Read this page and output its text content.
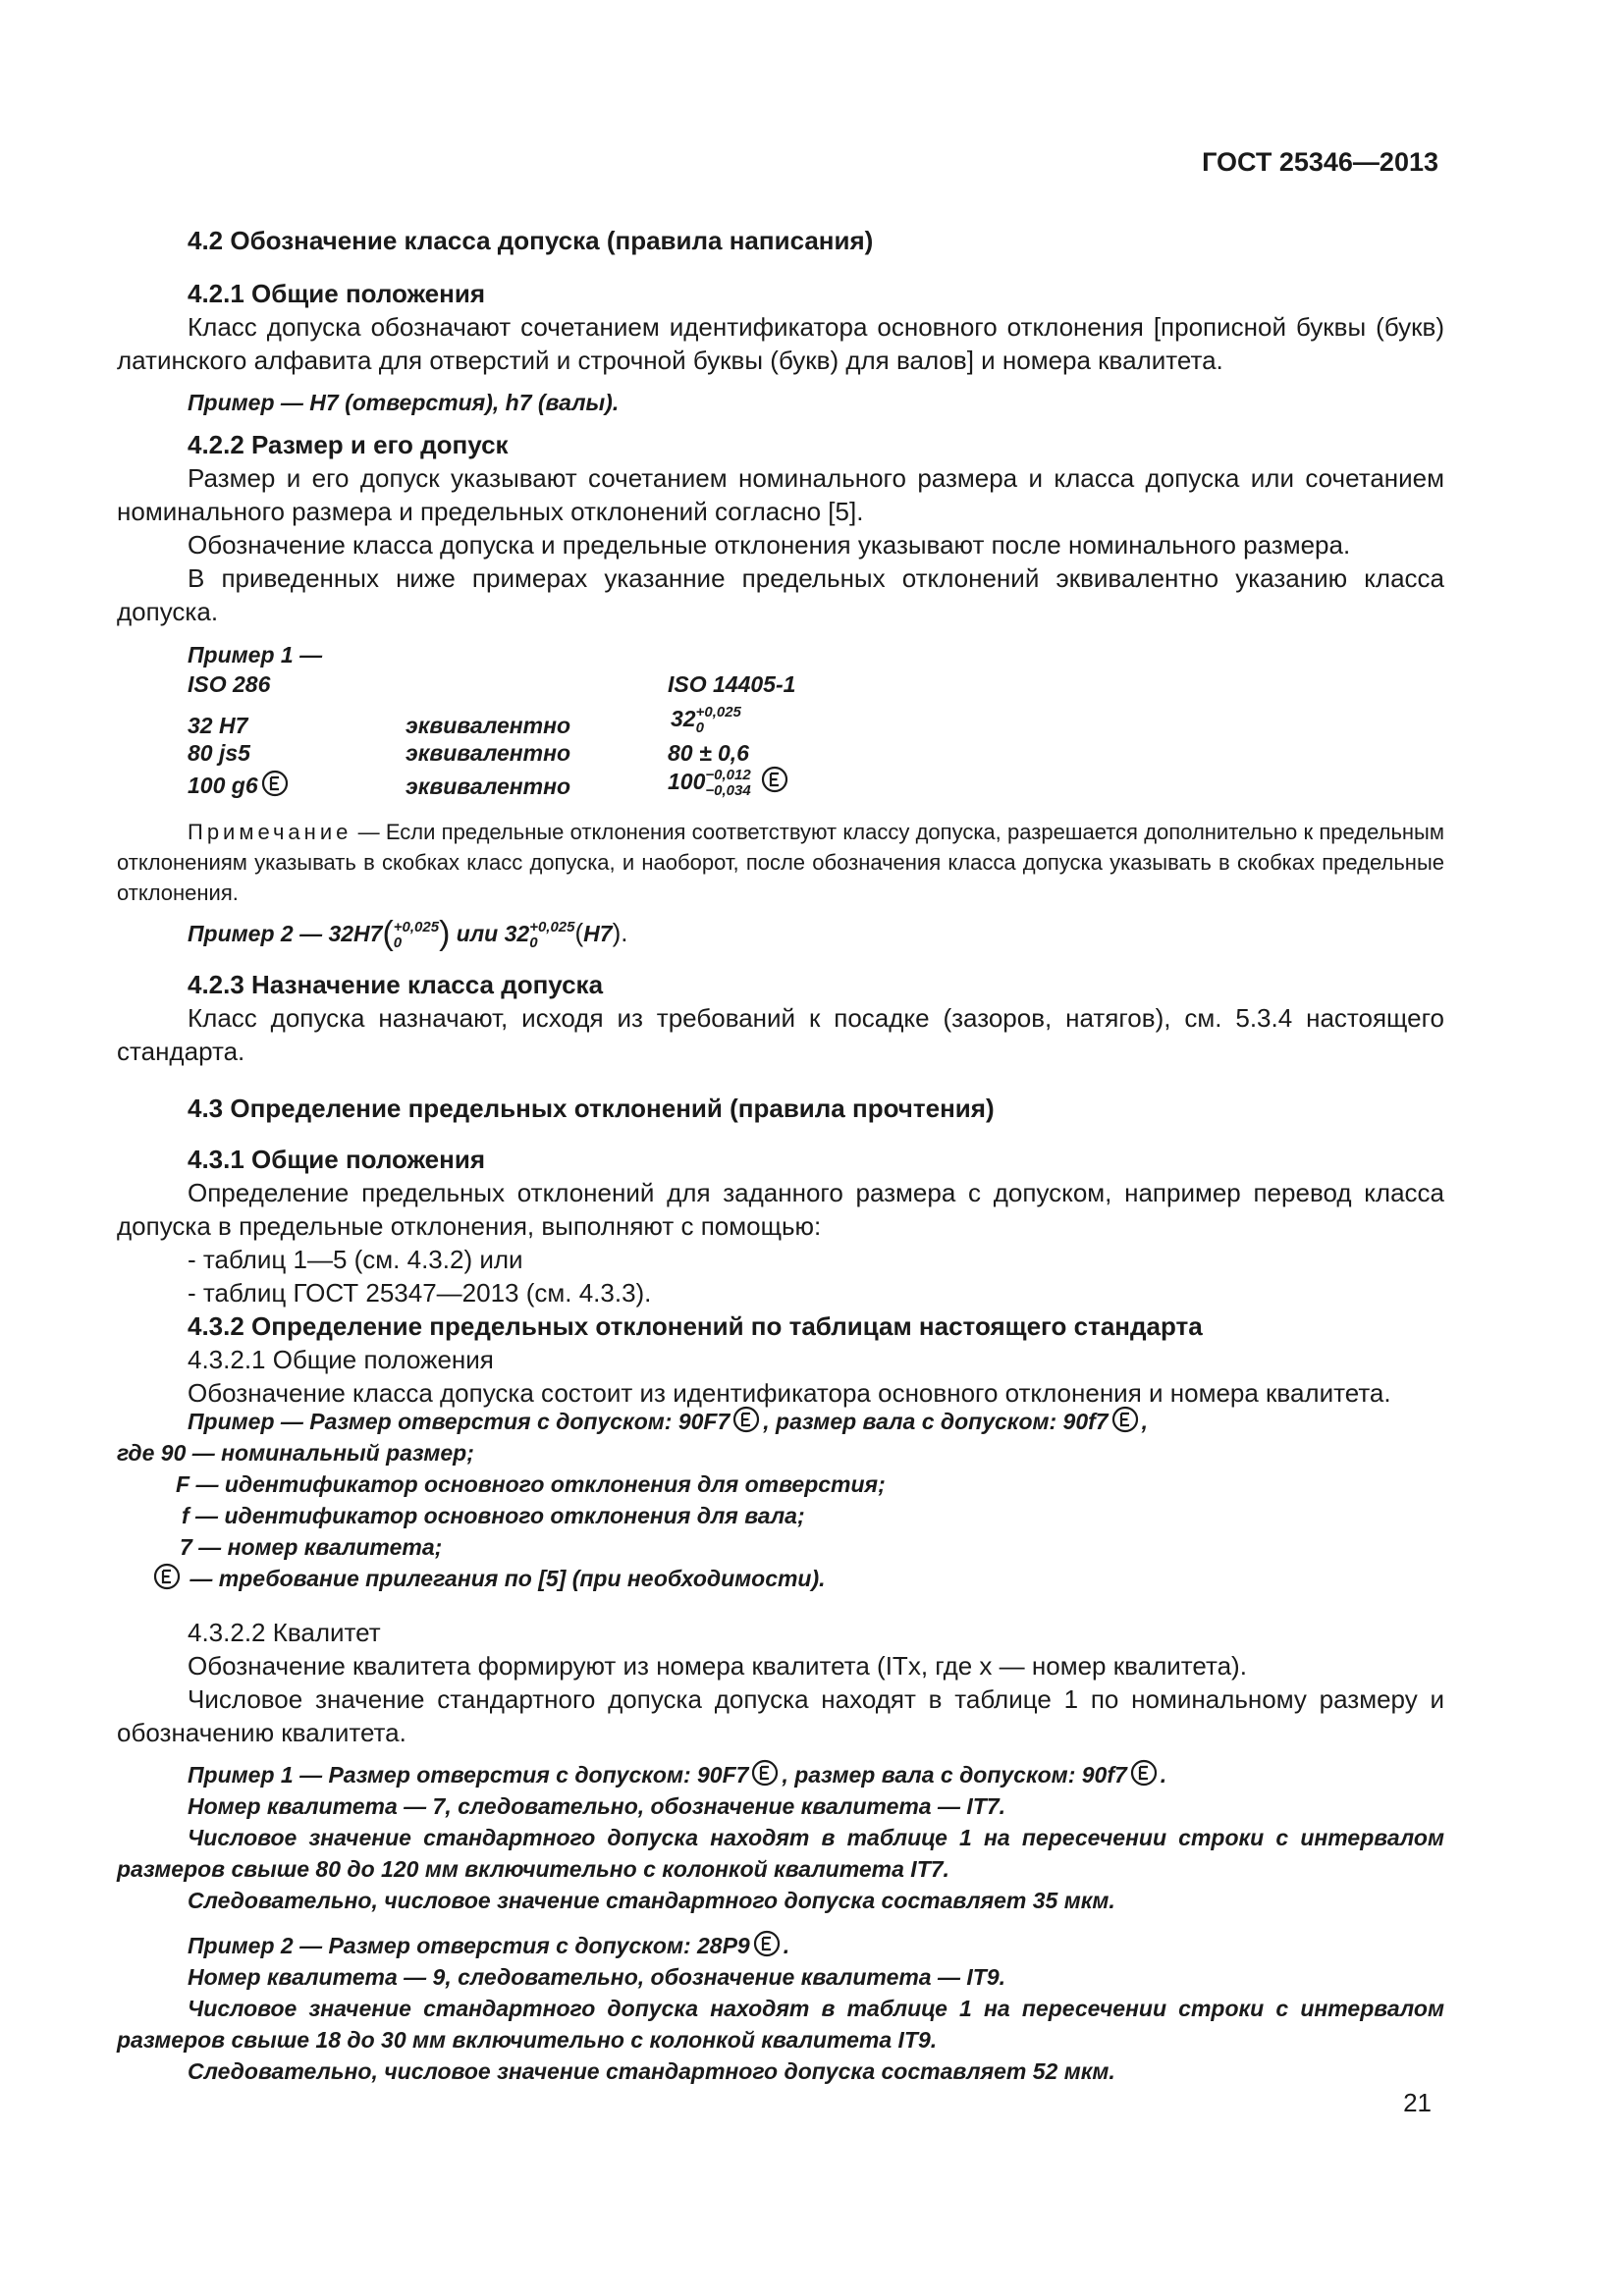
ГОСТ 25346—2013
4.2 Обозначение класса допуска (правила написания)
4.2.1 Общие положения

Класс допуска обозначают сочетанием идентификатора основного отклонения [прописной буквы (букв) латинского алфавита для отверстий и строчной буквы (букв) для валов] и номера квалитета.

Пример — H7 (отверстия), h7 (валы).

4.2.2 Размер и его допуск

Размер и его допуск указывают сочетанием номинального размера и класса допуска или сочетанием номинального размера и предельных отклонений согласно [5].

Обозначение класса допуска и предельные отклонения указывают после номинального размера.

В приведенных ниже примерах указанние предельных отклонений эквивалентно указанию класса допуска.

Пример 1 —
ISO 286	ISO 14405-1
32 H7	эквивалентно	32 +0,025
0
80 js5	эквивалентно	80 ± 0,6
100 g6	эквивалентно	100 −0,012
−0,034

Примечание — Если предельные отклонения соответствуют классу допуска, разрешается дополнительно к предельным отклонениям указывать в скобках класс допуска, и наоборот, после обозначения класса допуска указывать в скобках предельные отклонения.

Пример 2 — 32H7( +0,025
0	) или 32 +0,025
0	(H7).
4.2.3 Назначение класса допуска

Класс допуска назначают, исходя из требований к посадке (зазоров, натягов), см. 5.3.4 настоящего стандарта.

4.3 Определение предельных отклонений (правила прочтения)
4.3.1 Общие положения

Определение предельных отклонений для заданного размера с допуском, например перевод класса допуска в предельные отклонения, выполняют с помощью:

- таблиц 1—5 (см. 4.3.2) или

- таблиц ГОСТ 25347—2013 (см. 4.3.3).

4.3.2 Определение предельных отклонений по таблицам настоящего стандарта

4.3.2.1 Общие положения

Обозначение класса допуска состоит из идентификатора основного отклонения и номера квалитета.

Пример — Размер отверстия с допуском: 90F7 , размер вала с допуском: 90f7 ,
где 90 — номинальный размер;
F — идентификатор основного отклонения для отверстия;
f — идентификатор основного отклонения для вала;
7 — номер квалитета;
— требование прилегания по [5] (при необходимости).

4.3.2.2 Квалитет

Обозначение квалитета формируют из номера квалитета (ITx, где x — номер квалитета).

Числовое значение стандартного допуска допуска находят в таблице 1 по номинальному размеру и обозначению квалитета.

Пример 1 — Размер отверстия с допуском: 90F7 , размер вала с допуском: 90f7 .

Номер квалитета — 7, следовательно, обозначение квалитета — IT7.

Числовое значение стандартного допуска находят в таблице 1 на пересечении строки с интервалом размеров свыше 80 до 120 мм включительно с колонкой квалитета IT7.

Следовательно, числовое значение стандартного допуска составляет 35 мкм.

Пример 2 — Размер отверстия с допуском: 28P9 .

Номер квалитета — 9, следовательно, обозначение квалитета — IT9.

Числовое значение стандартного допуска находят в таблице 1 на пересечении строки с интервалом размеров свыше 18 до 30 мм включительно с колонкой квалитета IT9.

Следовательно, числовое значение стандартного допуска составляет 52 мкм.

21
